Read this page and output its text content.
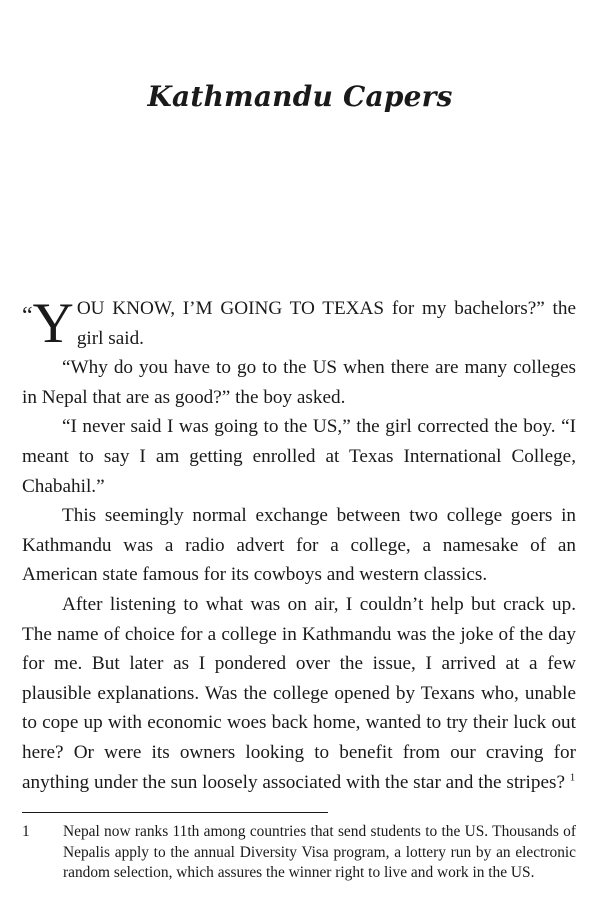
Kathmandu Capers

“Y OU KNOW, I’M GOING TO TEXAS for my bachelors?” the girl said.

“Why do you have to go to the US when there are many colleges in Nepal that are as good?” the boy asked.

“I never said I was going to the US,” the girl corrected the boy. “I meant to say I am getting enrolled at Texas International College, Chabahil.”

This seemingly normal exchange between two college goers in Kathmandu was a radio advert for a college, a namesake of an American state famous for its cowboys and western classics.

After listening to what was on air, I couldn’t help but crack up. The name of choice for a college in Kathmandu was the joke of the day for me. But later as I pondered over the issue, I arrived at a few plausible explanations. Was the college opened by Texans who, unable to cope up with economic woes back home, wanted to try their luck out here? Or were its owners looking to benefit from our craving for anything under the sun loosely associated with the star and the stripes? $^1$

1	Nepal now ranks 11th among countries that send students to the US. Thousands of Nepalis apply to the annual Diversity Visa program, a lottery run by an electronic random selection, which assures the winner right to live and work in the US.
